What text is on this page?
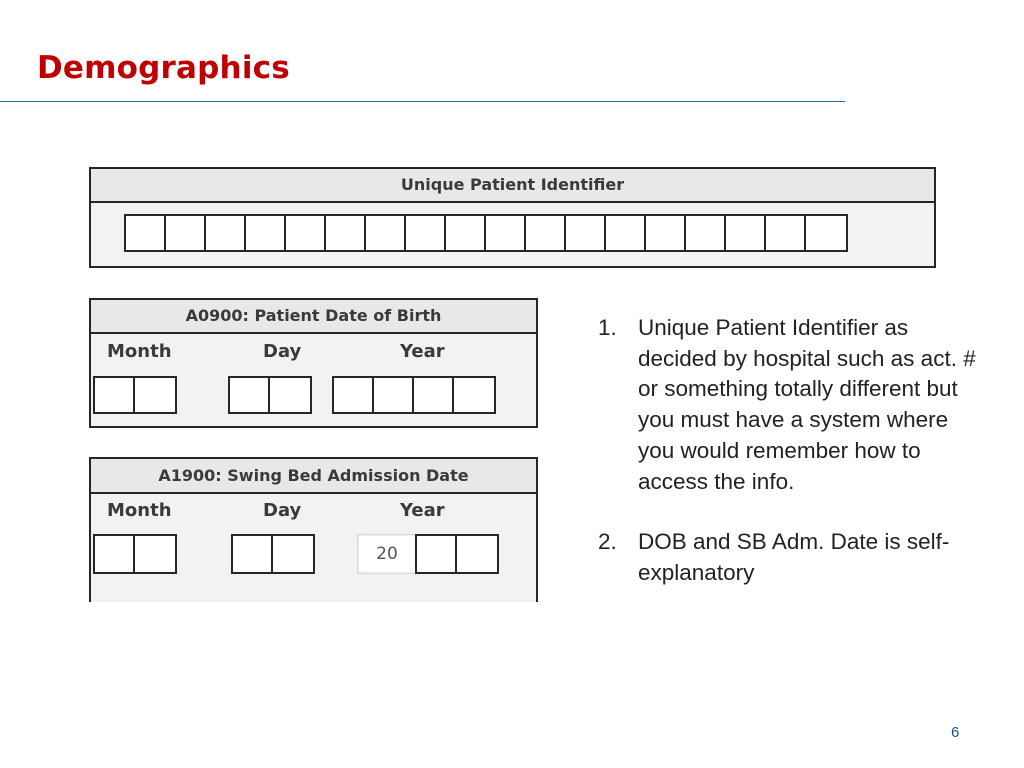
Demographics
Unique Patient Identifier
A0900: Patient Date of Birth
Month	Day	Year
A1900: Swing Bed Admission Date
Month	Day	Year
20
1. Unique Patient Identifier as decided by hospital such as act. # or something totally different but you must have a system where you would remember how to access the info.
2. DOB and SB Adm. Date is self-explanatory
6
